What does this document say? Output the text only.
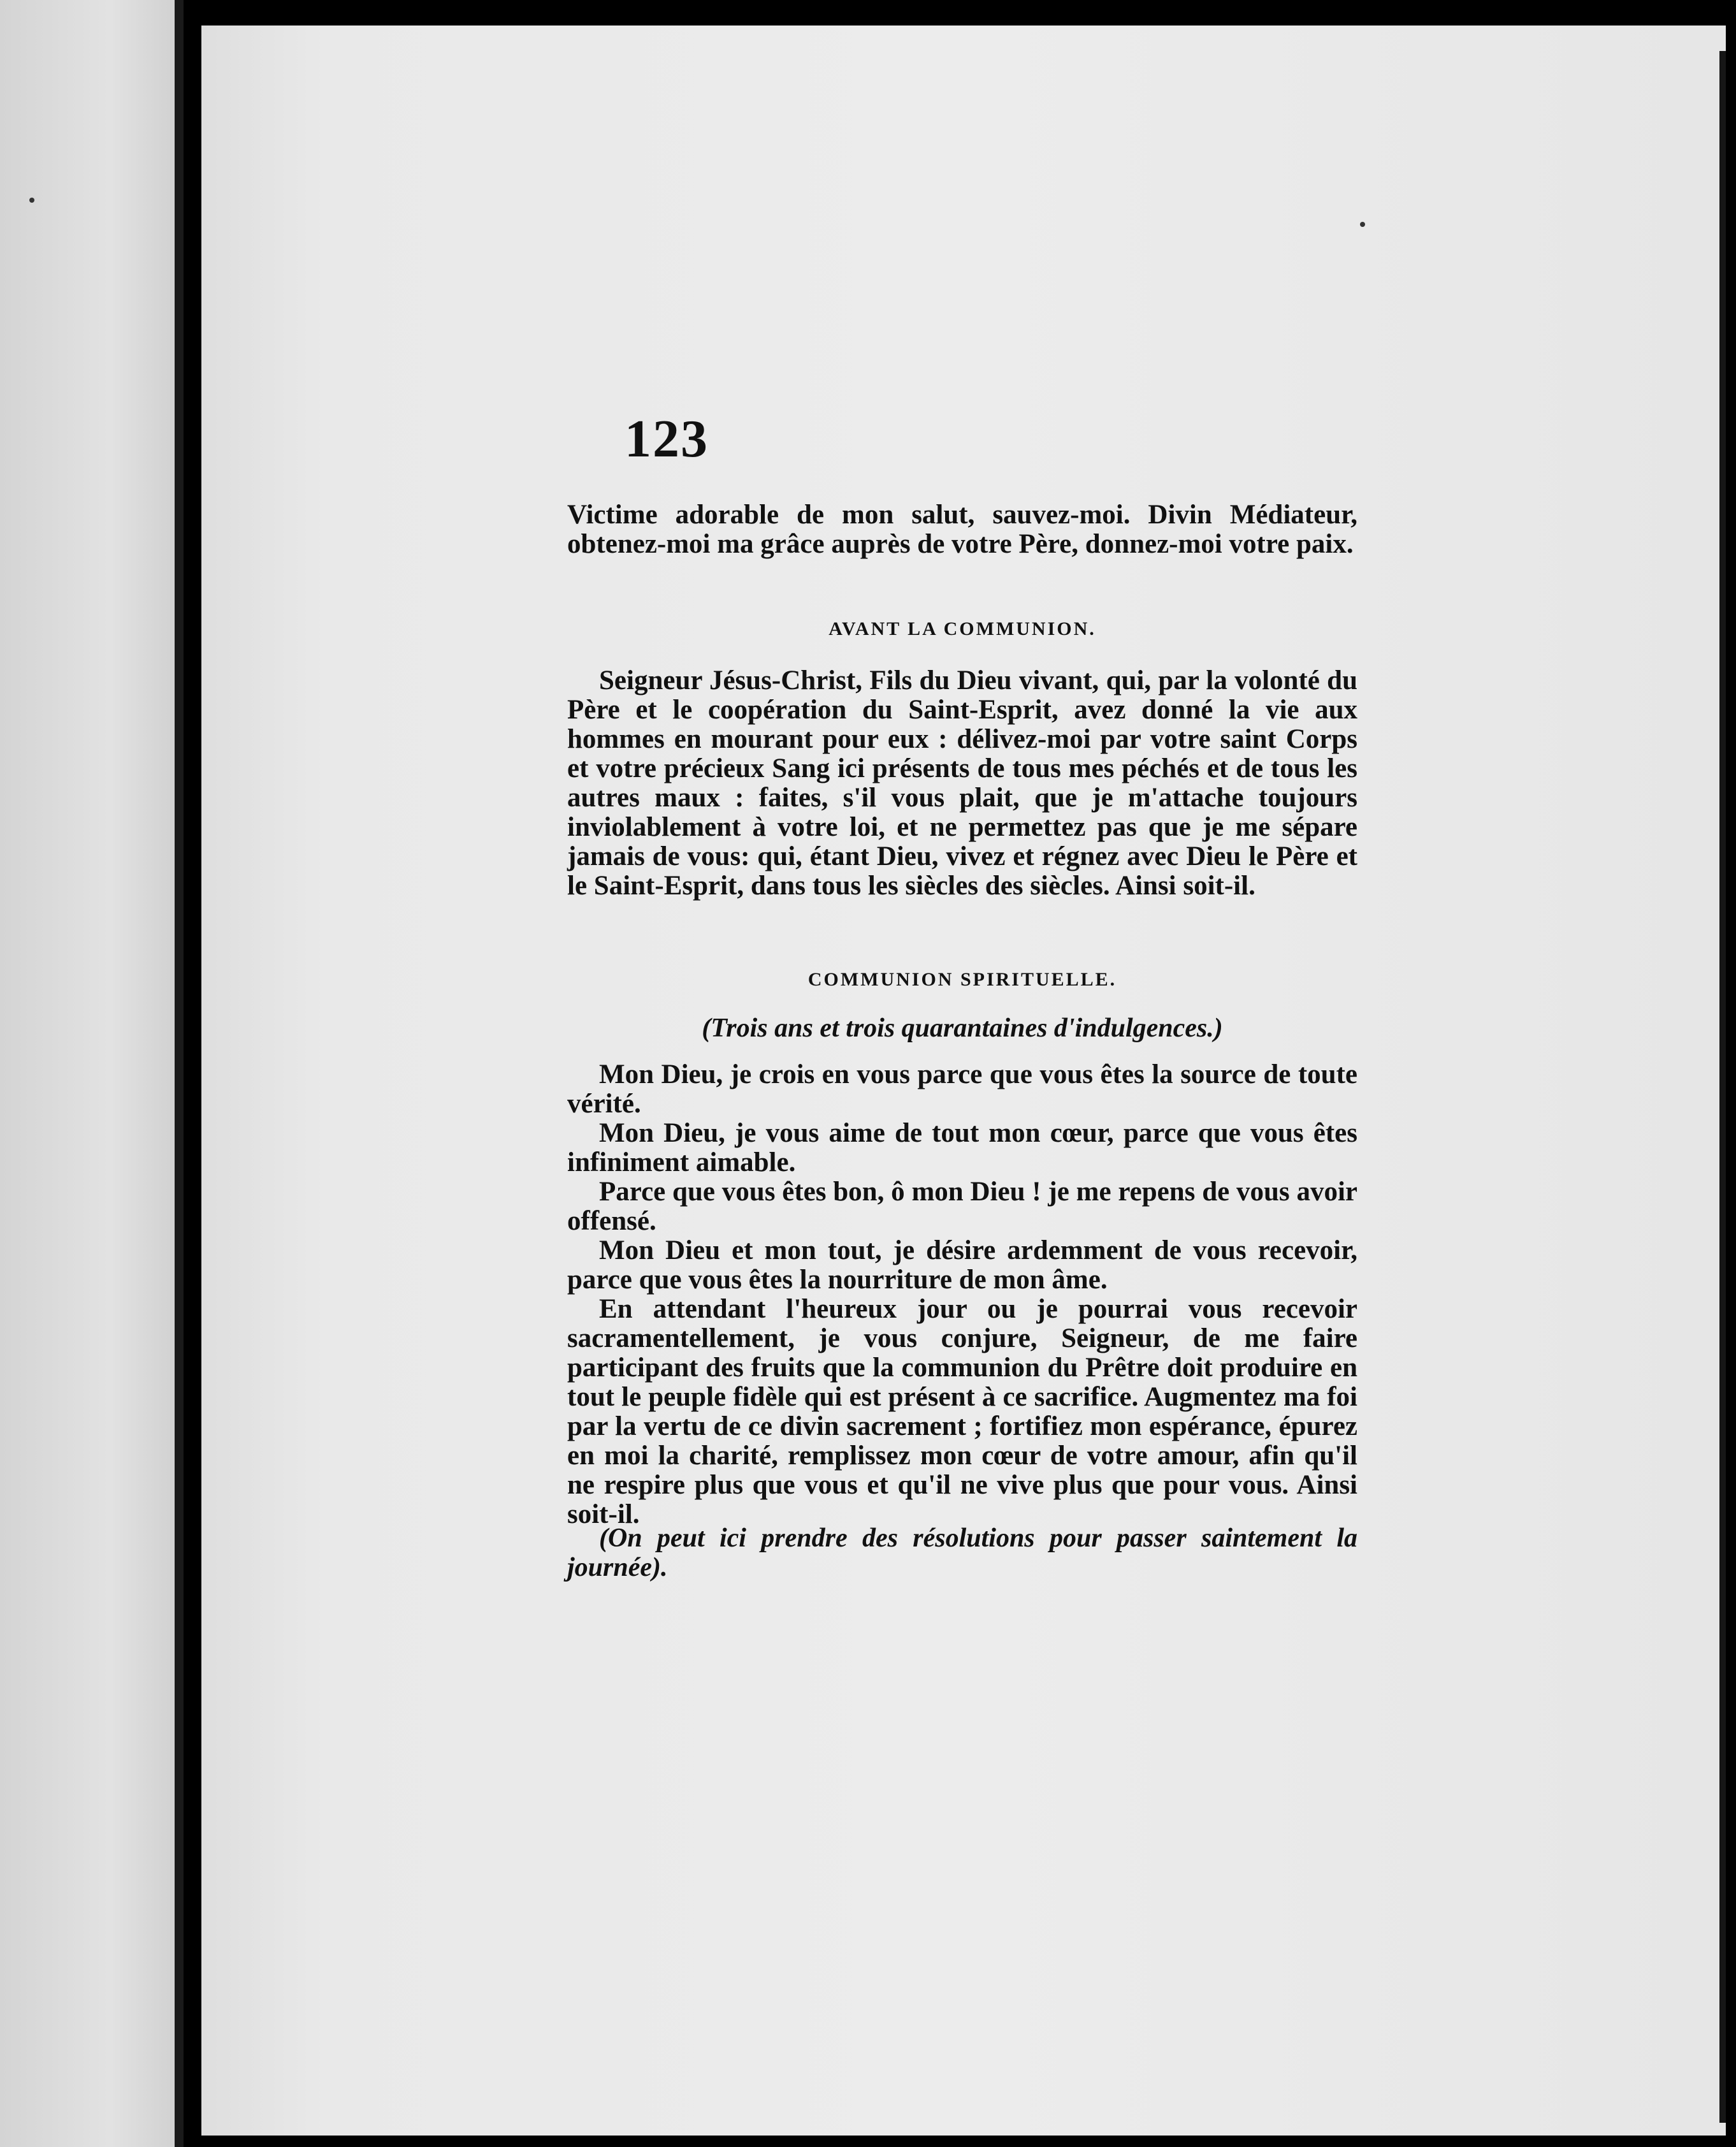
123

Victime adorable de mon salut, sauvez-moi. Divin Médiateur, obtenez-moi ma grâce auprès de votre Père, donnez-moi votre paix.

AVANT LA COMMUNION.

Seigneur Jésus-Christ, Fils du Dieu vivant, qui, par la volonté du Père et le coopération du Saint-Esprit, avez donné la vie aux hommes en mourant pour eux : délivez-moi par votre saint Corps et votre précieux Sang ici présents de tous mes péchés et de tous les autres maux : faites, s'il vous plait, que je m'attache toujours inviolablement à votre loi, et ne permettez pas que je me sépare jamais de vous: qui, étant Dieu, vivez et régnez avec Dieu le Père et le Saint-Esprit, dans tous les siècles des siècles. Ainsi soit-il.

COMMUNION SPIRITUELLE.
(Trois ans et trois quarantaines d'indulgences.)

Mon Dieu, je crois en vous parce que vous êtes la source de toute vérité.

Mon Dieu, je vous aime de tout mon cœur, parce que vous êtes infiniment aimable.

Parce que vous êtes bon, ô mon Dieu ! je me repens de vous avoir offensé.

Mon Dieu et mon tout, je désire ardemment de vous recevoir, parce que vous êtes la nourriture de mon âme.

En attendant l'heureux jour ou je pourrai vous recevoir sacramentellement, je vous conjure, Seigneur, de me faire participant des fruits que la communion du Prêtre doit produire en tout le peuple fidèle qui est présent à ce sacrifice. Augmentez ma foi par la vertu de ce divin sacrement ; fortifiez mon espérance, épurez en moi la charité, remplissez mon cœur de votre amour, afin qu'il ne respire plus que vous et qu'il ne vive plus que pour vous. Ainsi soit-il.

(On peut ici prendre des résolutions pour passer saintement la journée).
